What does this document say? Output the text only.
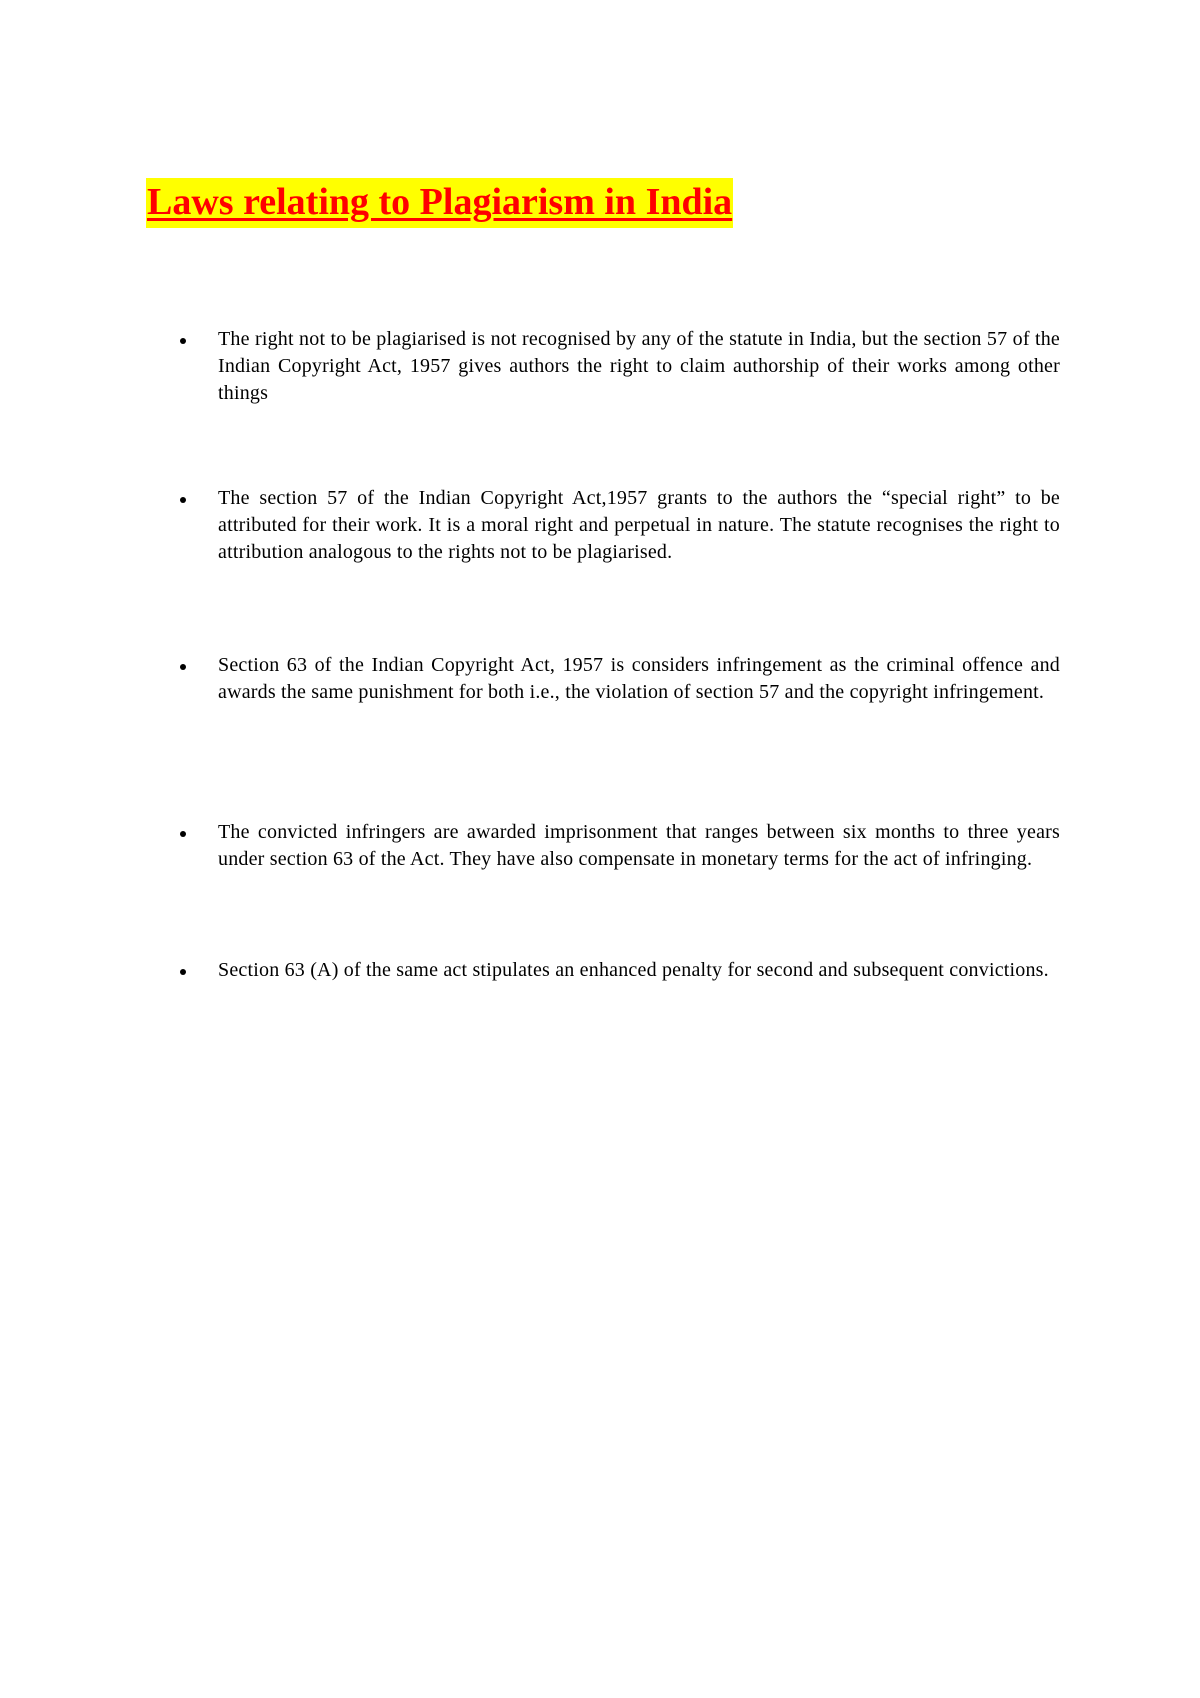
Laws relating to Plagiarism in India
The right not to be plagiarised is not recognised by any of the statute in India, but the section 57 of the Indian Copyright Act, 1957 gives authors the right to claim authorship of their works among other things
The section 57 of the Indian Copyright Act,1957 grants to the authors the “special right” to be attributed for their work. It is a moral right and perpetual in nature. The statute recognises the right to attribution analogous to the rights not to be plagiarised.
Section 63 of the Indian Copyright Act, 1957 is considers infringement as the criminal offence and awards the same punishment for both i.e., the violation of section 57 and the copyright infringement.
The convicted infringers are awarded imprisonment that ranges between six months to three years under section 63 of the Act. They have also compensate in monetary terms for the act of infringing.
Section 63 (A) of the same act stipulates an enhanced penalty for second and subsequent convictions.
